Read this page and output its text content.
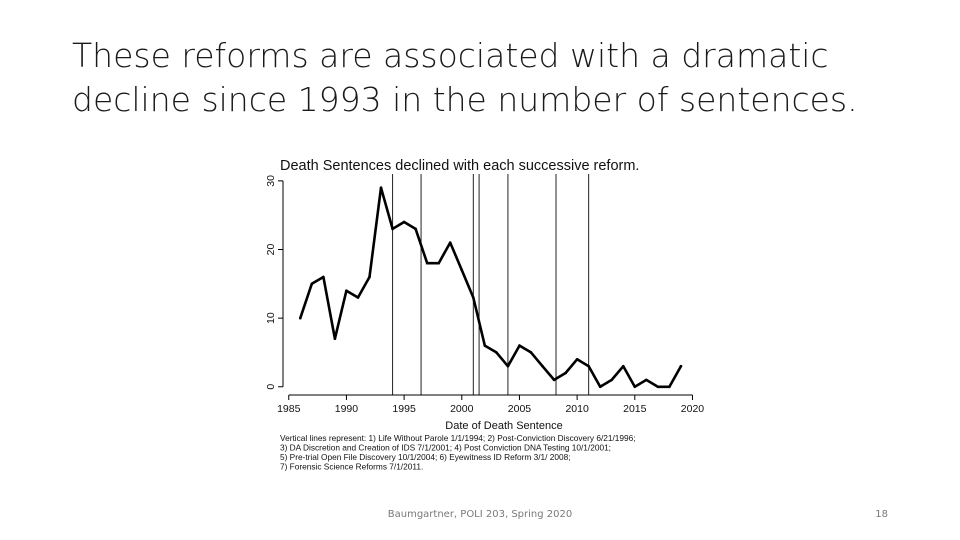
These reforms are associated with a dramatic
decline since 1993 in the number of sentences.
Death Sentences declined with each successive reform.
0
10
20
30
1985	1990	1995	2000	2005	2010	2015	2020
Date of Death Sentence
Vertical lines represent: 1) Life Without Parole 1/1/1994; 2) Post-Conviction Discovery 6/21/1996;
3) DA Discretion and Creation of IDS 7/1/2001; 4) Post Conviction DNA Testing 10/1/2001;
5) Pre-trial Open File Discovery 10/1/2004; 6) Eyewitness ID Reform 3/1/ 2008;
7) Forensic Science Reforms 7/1/2011.
Baumgartner, POLI 203, Spring 2020	18
